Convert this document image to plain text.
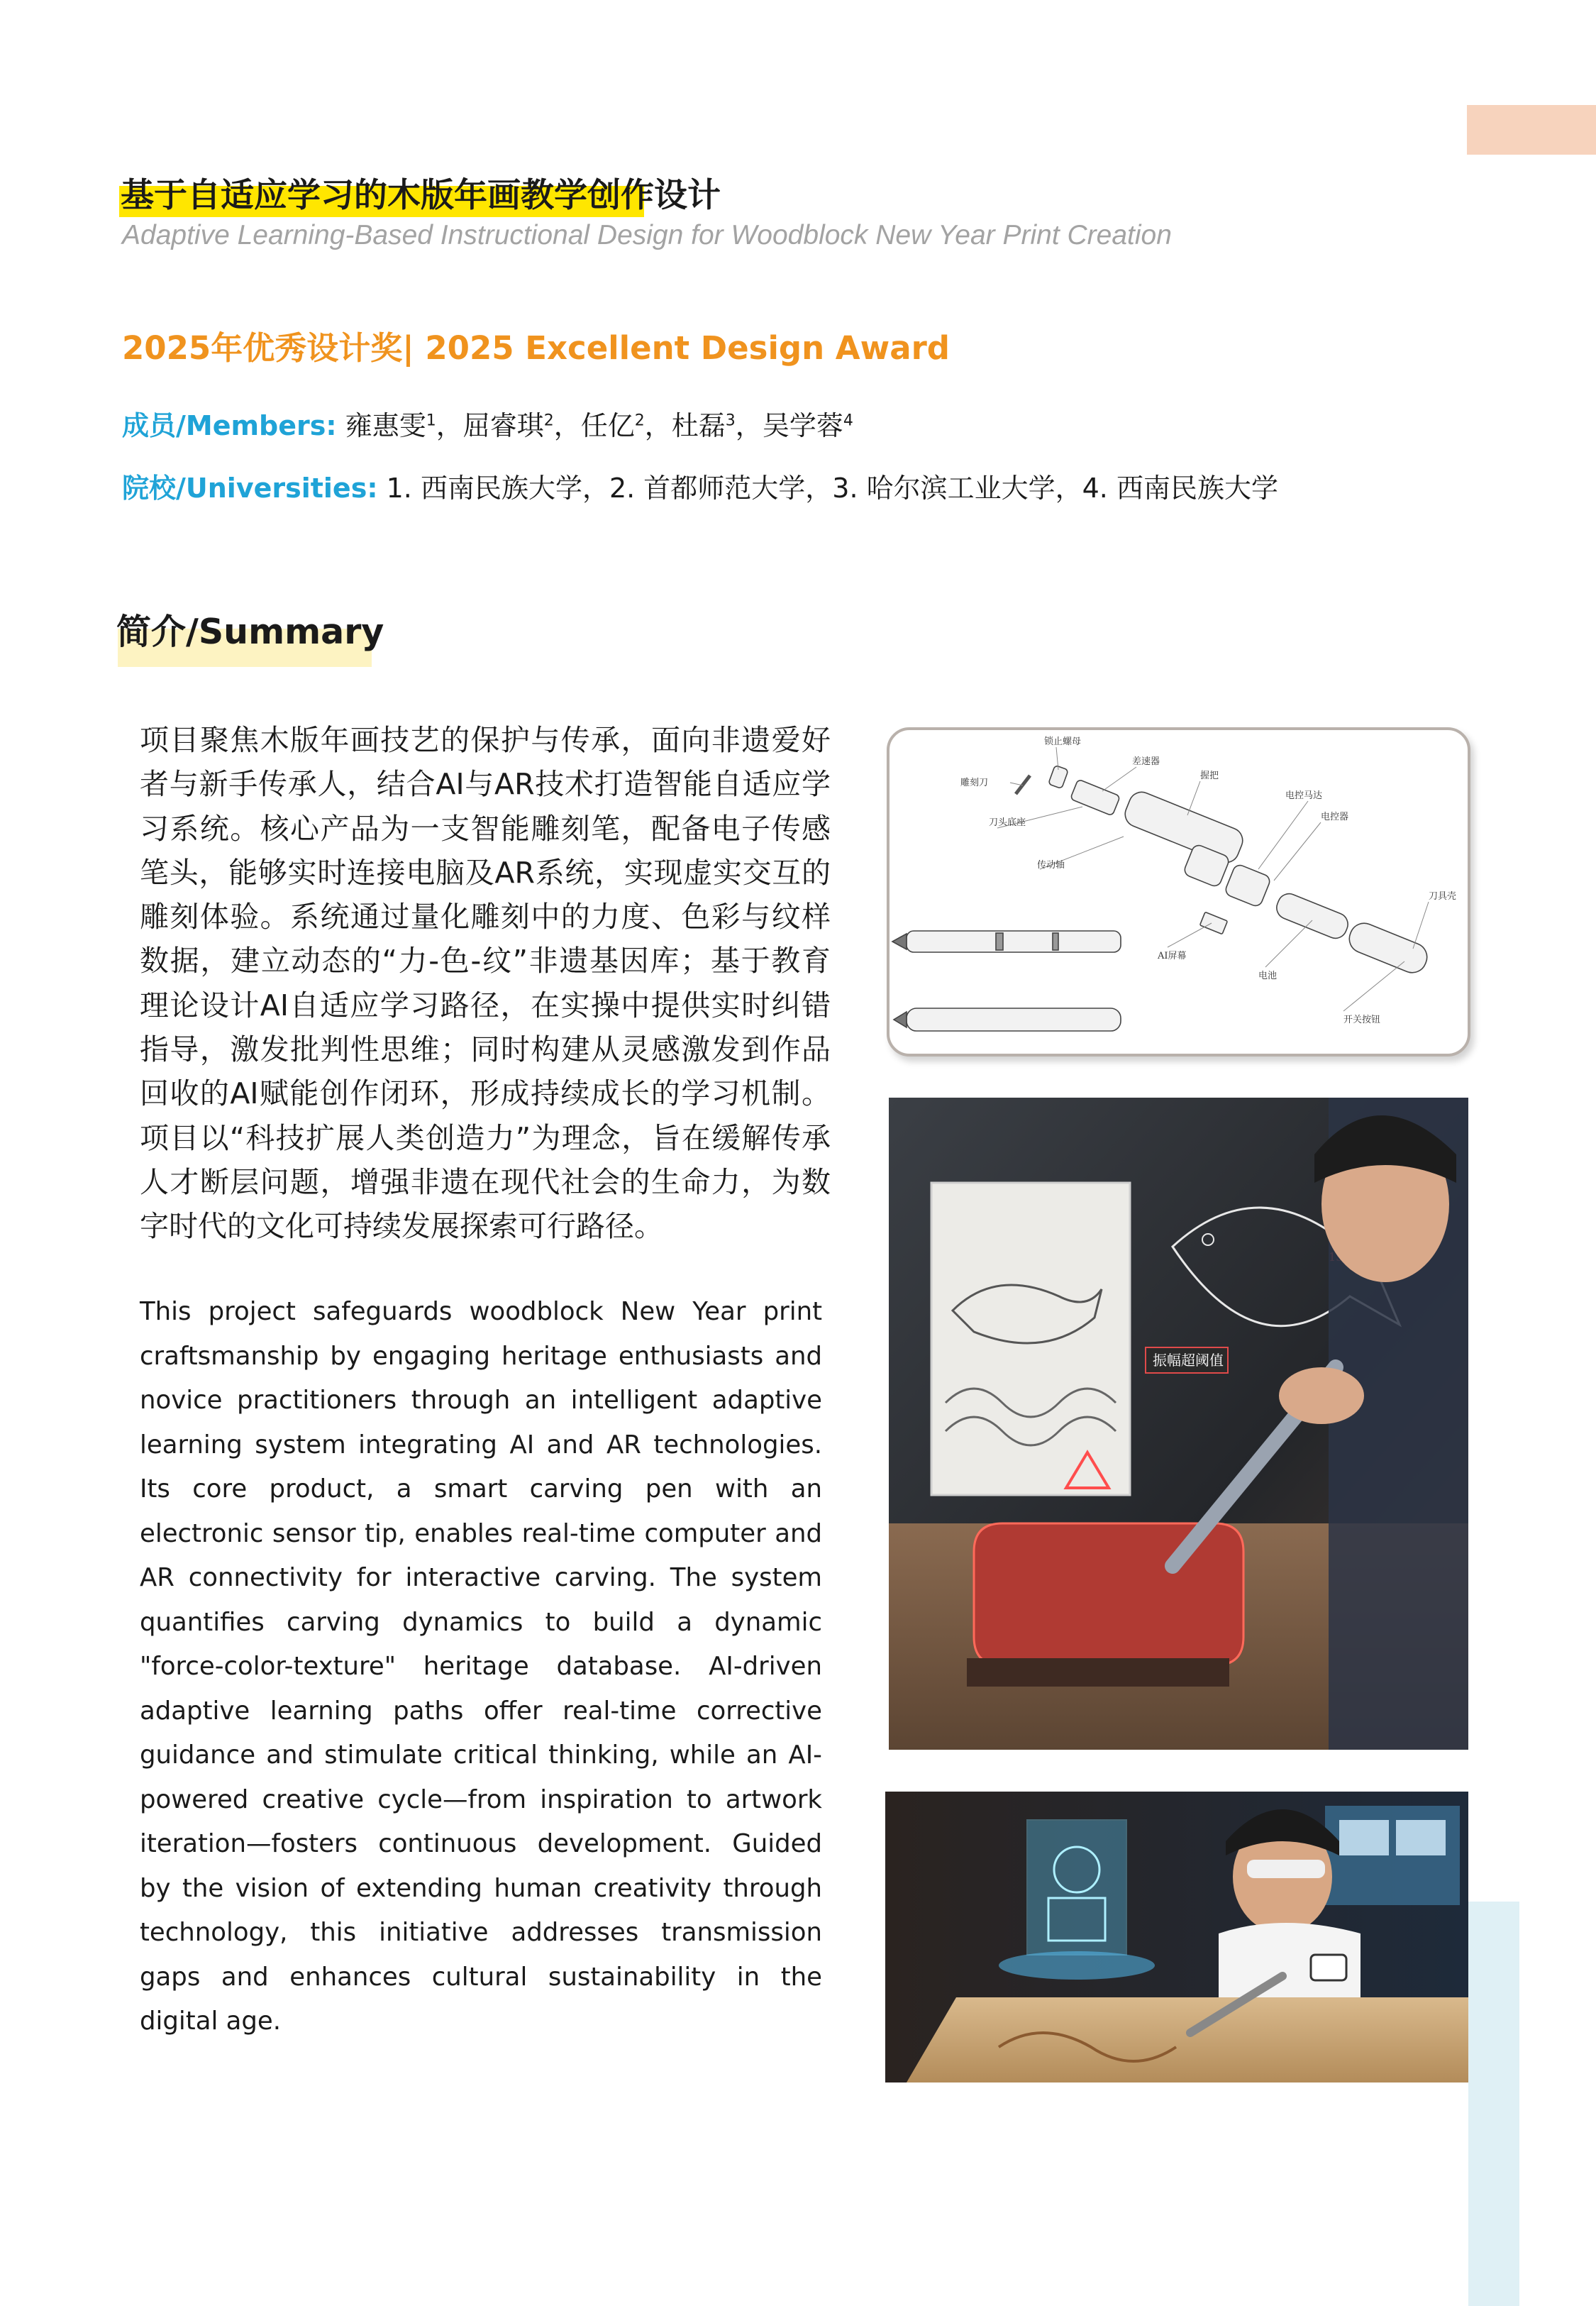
基于自适应学习的木版年画教学创作设计
Adaptive Learning-Based Instructional Design for Woodblock New Year Print Creation
2025年优秀设计奖| 2025 Excellent Design Award
成员/Members: 雍惠雯$^1$，屈睿琪$^2$，任亿$^2$，杜磊$^3$，吴学蓉$^4$
院校/Universities: 1. 西南民族大学，2. 首都师范大学，3. 哈尔滨工业大学，4. 西南民族大学
简介/Summary
项目聚焦木版年画技艺的保护与传承，面向非遗爱好者与新手传承人，结合AI与AR技术打造智能自适应学习系统。核心产品为一支智能雕刻笔，配备电子传感笔头，能够实时连接电脑及AR系统，实现虚实交互的雕刻体验。系统通过量化雕刻中的力度、色彩与纹样数据，建立动态的“力-色-纹”非遗基因库；基于教育理论设计AI自适应学习路径，在实操中提供实时纠错指导，激发批判性思维；同时构建从灵感激发到作品回收的AI赋能创作闭环，形成持续成长的学习机制。项目以“科技扩展人类创造力”为理念，旨在缓解传承人才断层问题，增强非遗在现代社会的生命力，为数字时代的文化可持续发展探索可行路径。
This project safeguards woodblock New Year print craftsmanship by engaging heritage enthusiasts and novice practitioners through an intelligent adaptive learning system integrating AI and AR technologies. Its core product, a smart carving pen with an electronic sensor tip, enables real-time computer and AR connectivity for interactive carving. The system quantifies carving dynamics to build a dynamic "force-color-texture" heritage database. AI-driven adaptive learning paths offer real-time corrective guidance and stimulate critical thinking, while an AI-powered creative cycle—from inspiration to artwork iteration—fosters continuous development. Guided by the vision of extending human creativity through technology, this initiative addresses transmission gaps and enhances cultural sustainability in the digital age.
锁止螺母
雕刻刀
差速器
握把
电控马达
刀头底座
电控器
传动轴
刀具壳
AI屏幕
电池
开关按钮
振幅超阈值
